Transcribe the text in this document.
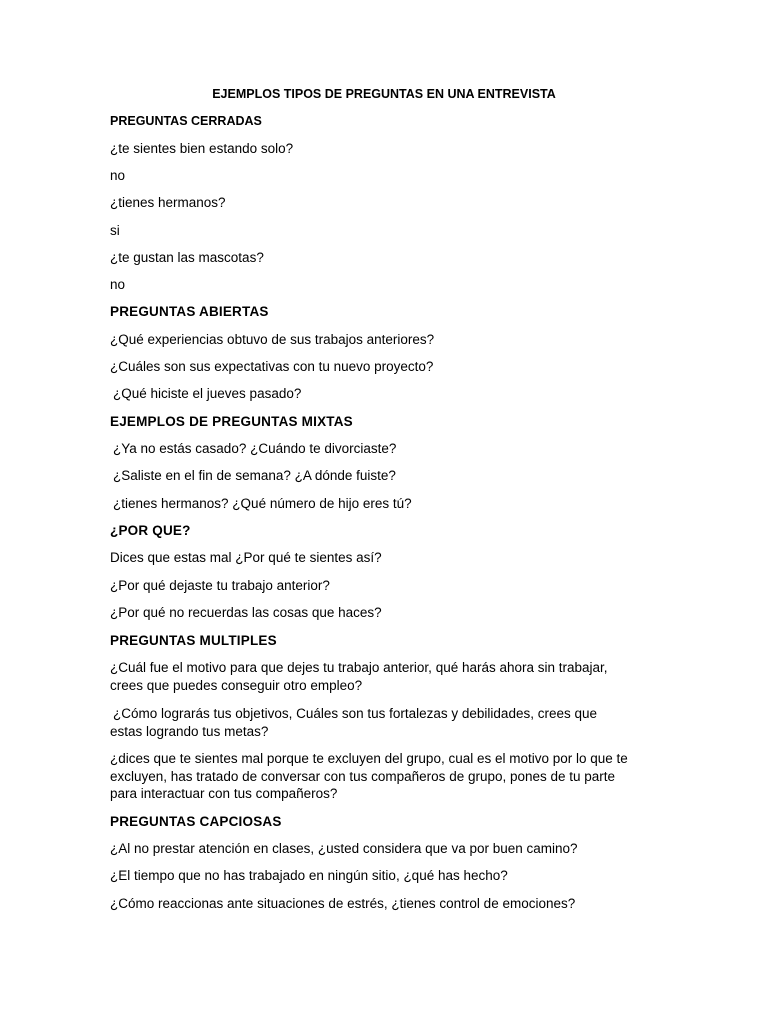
EJEMPLOS TIPOS DE PREGUNTAS EN UNA ENTREVISTA
PREGUNTAS CERRADAS
¿te sientes bien estando solo?
no
¿tienes hermanos?
si
¿te gustan las mascotas?
no
PREGUNTAS ABIERTAS
¿Qué experiencias obtuvo de sus trabajos anteriores?
¿Cuáles son sus expectativas con tu nuevo proyecto?
¿Qué hiciste el jueves pasado?
EJEMPLOS DE PREGUNTAS MIXTAS
¿Ya no estás casado? ¿Cuándo te divorciaste?
¿Saliste en el fin de semana? ¿A dónde fuiste?
¿tienes hermanos? ¿Qué número de hijo eres tú?
¿POR QUE?
Dices que estas mal ¿Por qué te sientes así?
¿Por qué dejaste tu trabajo anterior?
¿Por qué no recuerdas las cosas que haces?
PREGUNTAS MULTIPLES
¿Cuál fue el motivo para que dejes tu trabajo anterior, qué harás ahora sin trabajar,
crees que puedes conseguir otro empleo?
¿Cómo lograrás tus objetivos, Cuáles son tus fortalezas y debilidades, crees que
estas logrando tus metas?
¿dices que te sientes mal porque te excluyen del grupo, cual es el motivo por lo que te
excluyen, has tratado de conversar con tus compañeros de grupo, pones de tu parte
para interactuar con tus compañeros?
PREGUNTAS CAPCIOSAS
¿Al no prestar atención en clases, ¿usted considera que va por buen camino?
¿El tiempo que no has trabajado en ningún sitio, ¿qué has hecho?
¿Cómo reaccionas ante situaciones de estrés, ¿tienes control de emociones?
